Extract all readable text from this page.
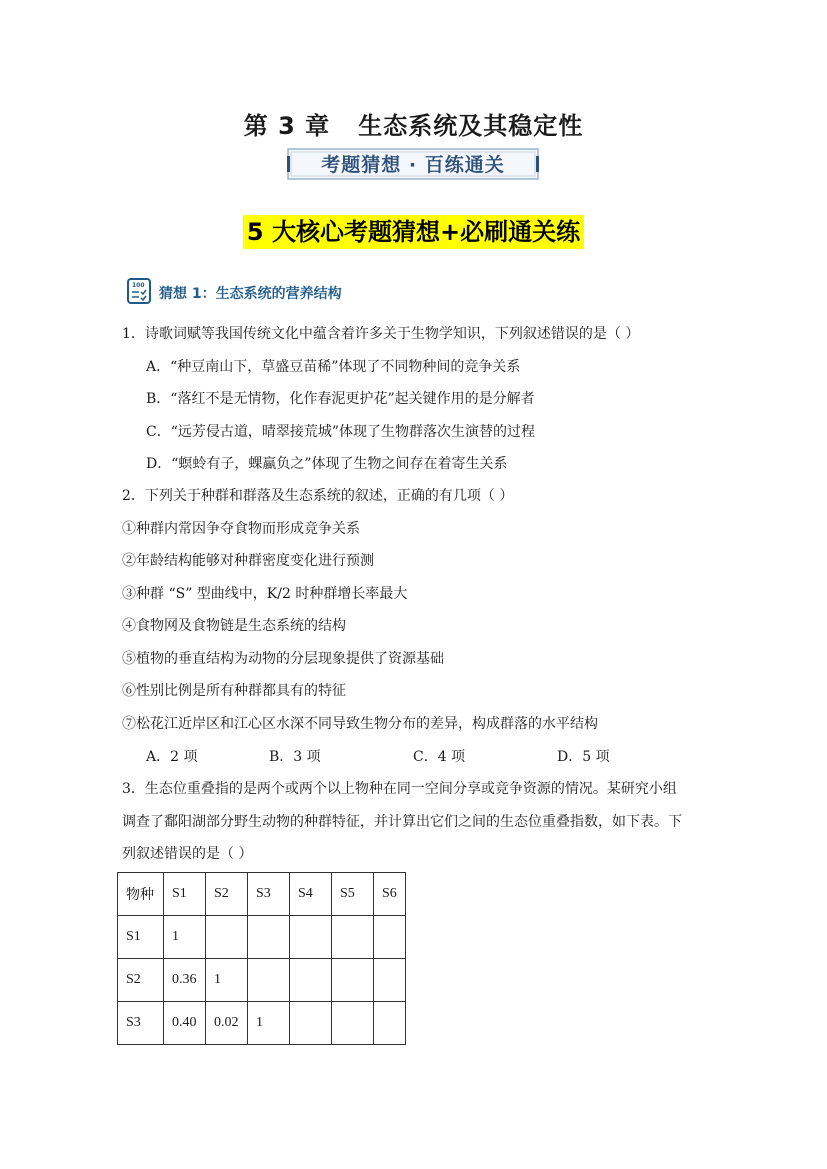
第 3 章   生态系统及其稳定性
考题猜想 · 百练通关
5 大核心考题猜想+必刷通关练
100
猜想 1：生态系统的营养结构
1．诗歌词赋等我国传统文化中蕴含着许多关于生物学知识，下列叙述错误的是（ ）
A．“种豆南山下，草盛豆苗稀”体现了不同物种间的竞争关系
B．“落红不是无情物，化作春泥更护花”起关键作用的是分解者
C．“远芳侵古道，晴翠接荒城”体现了生物群落次生演替的过程
D．“螟蛉有子，蜾蠃负之”体现了生物之间存在着寄生关系
2．下列关于种群和群落及生态系统的叙述，正确的有几项（ ）
①种群内常因争夺食物而形成竞争关系
②年龄结构能够对种群密度变化进行预测
③种群 “S” 型曲线中，K/2 时种群增长率最大
④食物网及食物链是生态系统的结构
⑤植物的垂直结构为动物的分层现象提供了资源基础
⑥性别比例是所有种群都具有的特征
⑦松花江近岸区和江心区水深不同导致生物分布的差异，构成群落的水平结构
A．2 项	B．3 项	C．4 项	D．5 项
3．生态位重叠指的是两个或两个以上物种在同一空间分享或竞争资源的情况。某研究小组
调查了鄱阳湖部分野生动物的种群特征，并计算出它们之间的生态位重叠指数，如下表。下
列叙述错误的是（ ）
物种	S1	S2	S3	S4	S5	S6
S1	1					
S2	0.36	1				
S3	0.40	0.02	1			
